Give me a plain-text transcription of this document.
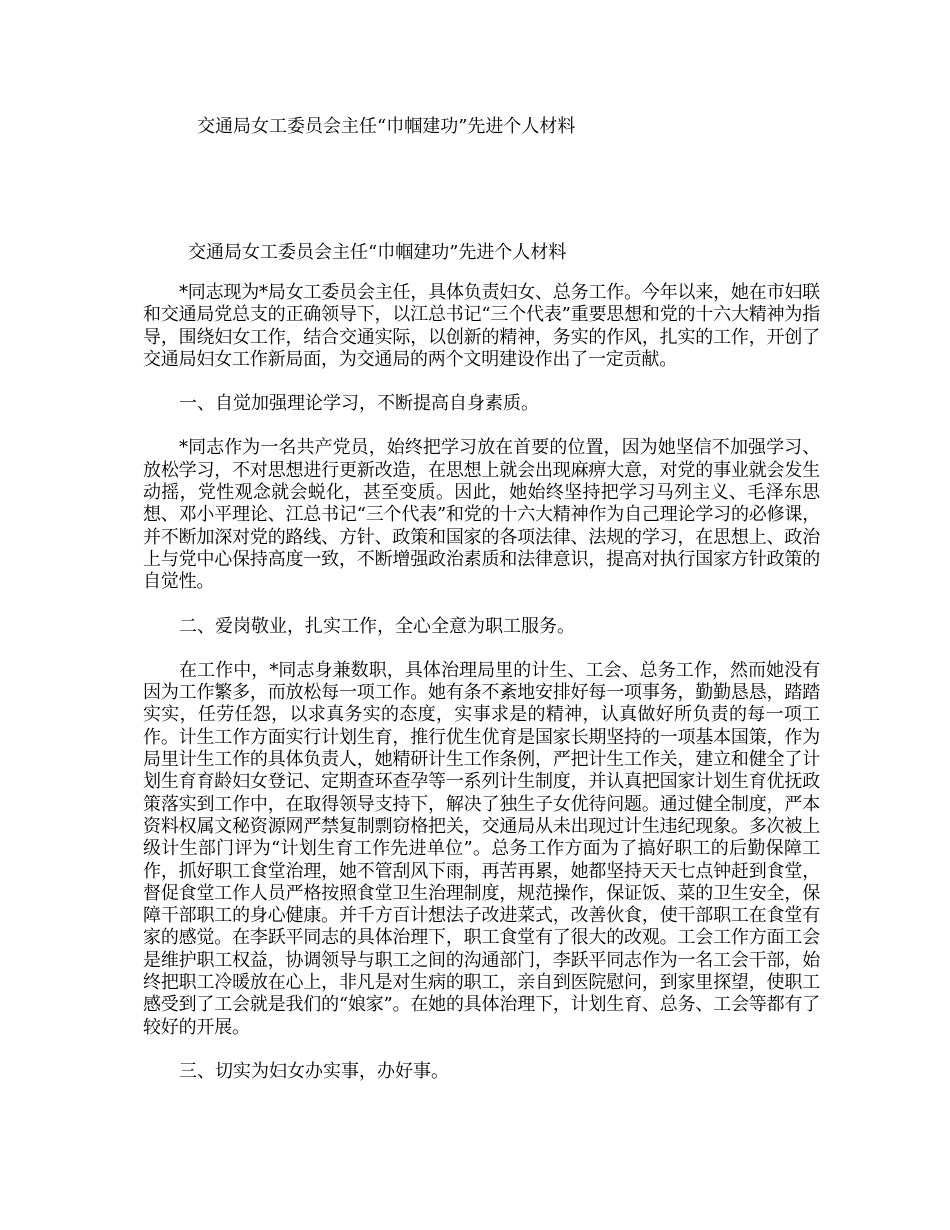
交通局女工委员会主任“巾帼建功”先进个人材料
交通局女工委员会主任“巾帼建功”先进个人材料

*同志现为*局女工委员会主任，具体负责妇女、总务工作。今年以来，她在市妇联和交通局党总支的正确领导下，以江总书记“三个代表”重要思想和党的十六大精神为指导，围绕妇女工作，结合交通实际，以创新的精神，务实的作风，扎实的工作，开创了交通局妇女工作新局面，为交通局的两个文明建设作出了一定贡献。

一、自觉加强理论学习，不断提高自身素质。

*同志作为一名共产党员，始终把学习放在首要的位置，因为她坚信不加强学习、放松学习，不对思想进行更新改造，在思想上就会出现麻痹大意，对党的事业就会发生动摇，党性观念就会蜕化，甚至变质。因此，她始终坚持把学习马列主义、毛泽东思想、邓小平理论、江总书记“三个代表”和党的十六大精神作为自己理论学习的必修课，并不断加深对党的路线、方针、政策和国家的各项法律、法规的学习，在思想上、政治上与党中心保持高度一致，不断增强政治素质和法律意识，提高对执行国家方针政策的自觉性。

二、爱岗敬业，扎实工作，全心全意为职工服务。

在工作中，*同志身兼数职，具体治理局里的计生、工会、总务工作，然而她没有因为工作繁多，而放松每一项工作。她有条不紊地安排好每一项事务，勤勤恳恳，踏踏实实，任劳任怨，以求真务实的态度，实事求是的精神，认真做好所负责的每一项工作。计生工作方面实行计划生育，推行优生优育是国家长期坚持的一项基本国策，作为局里计生工作的具体负责人，她精研计生工作条例，严把计生工作关，建立和健全了计划生育育龄妇女登记、定期查环查孕等一系列计生制度，并认真把国家计划生育优抚政策落实到工作中，在取得领导支持下，解决了独生子女优待问题。通过健全制度，严本资料权属文秘资源网严禁复制剽窃格把关，交通局从未出现过计生违纪现象。多次被上级计生部门评为“计划生育工作先进单位”。总务工作方面为了搞好职工的后勤保障工作，抓好职工食堂治理，她不管刮风下雨，再苦再累，她都坚持天天七点钟赶到食堂，督促食堂工作人员严格按照食堂卫生治理制度，规范操作，保证饭、菜的卫生安全，保障干部职工的身心健康。并千方百计想法子改进菜式，改善伙食，使干部职工在食堂有家的感觉。在李跃平同志的具体治理下，职工食堂有了很大的改观。工会工作方面工会是维护职工权益，协调领导与职工之间的沟通部门，李跃平同志作为一名工会干部，始终把职工冷暖放在心上，非凡是对生病的职工，亲自到医院慰问，到家里探望，使职工感受到了工会就是我们的“娘家”。在她的具体治理下，计划生育、总务、工会等都有了较好的开展。

三、切实为妇女办实事，办好事。
